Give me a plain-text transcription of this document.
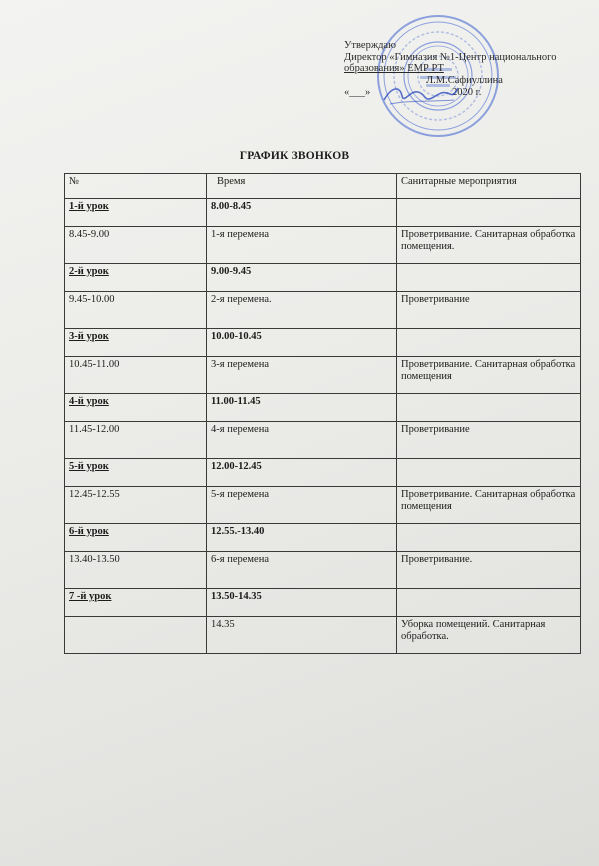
Утверждаю
Директор «Гимназия №1-Центр национального
образования» ЕМР РТ
Л.М.Сафиуллина
«___»	2020 г.
ГРАФИК ЗВОНКОВ
№	Время	Санитарные мероприятия
1-й урок	8.00-8.45	
8.45-9.00	1-я перемена	Проветривание. Санитарная обработка помещения.
2-й урок	9.00-9.45	
9.45-10.00	2-я перемена.	Проветривание
3-й урок	10.00-10.45	
10.45-11.00	3-я перемена	Проветривание. Санитарная обработка помещения
4-й урок	11.00-11.45	
11.45-12.00	4-я перемена	Проветривание
5-й урок	12.00-12.45	
12.45-12.55	5-я перемена	Проветривание. Санитарная обработка помещения
6-й урок	12.55.-13.40	
13.40-13.50	6-я перемена	Проветривание.
7 -й урок	13.50-14.35	
	14.35	Уборка помещений. Санитарная обработка.
